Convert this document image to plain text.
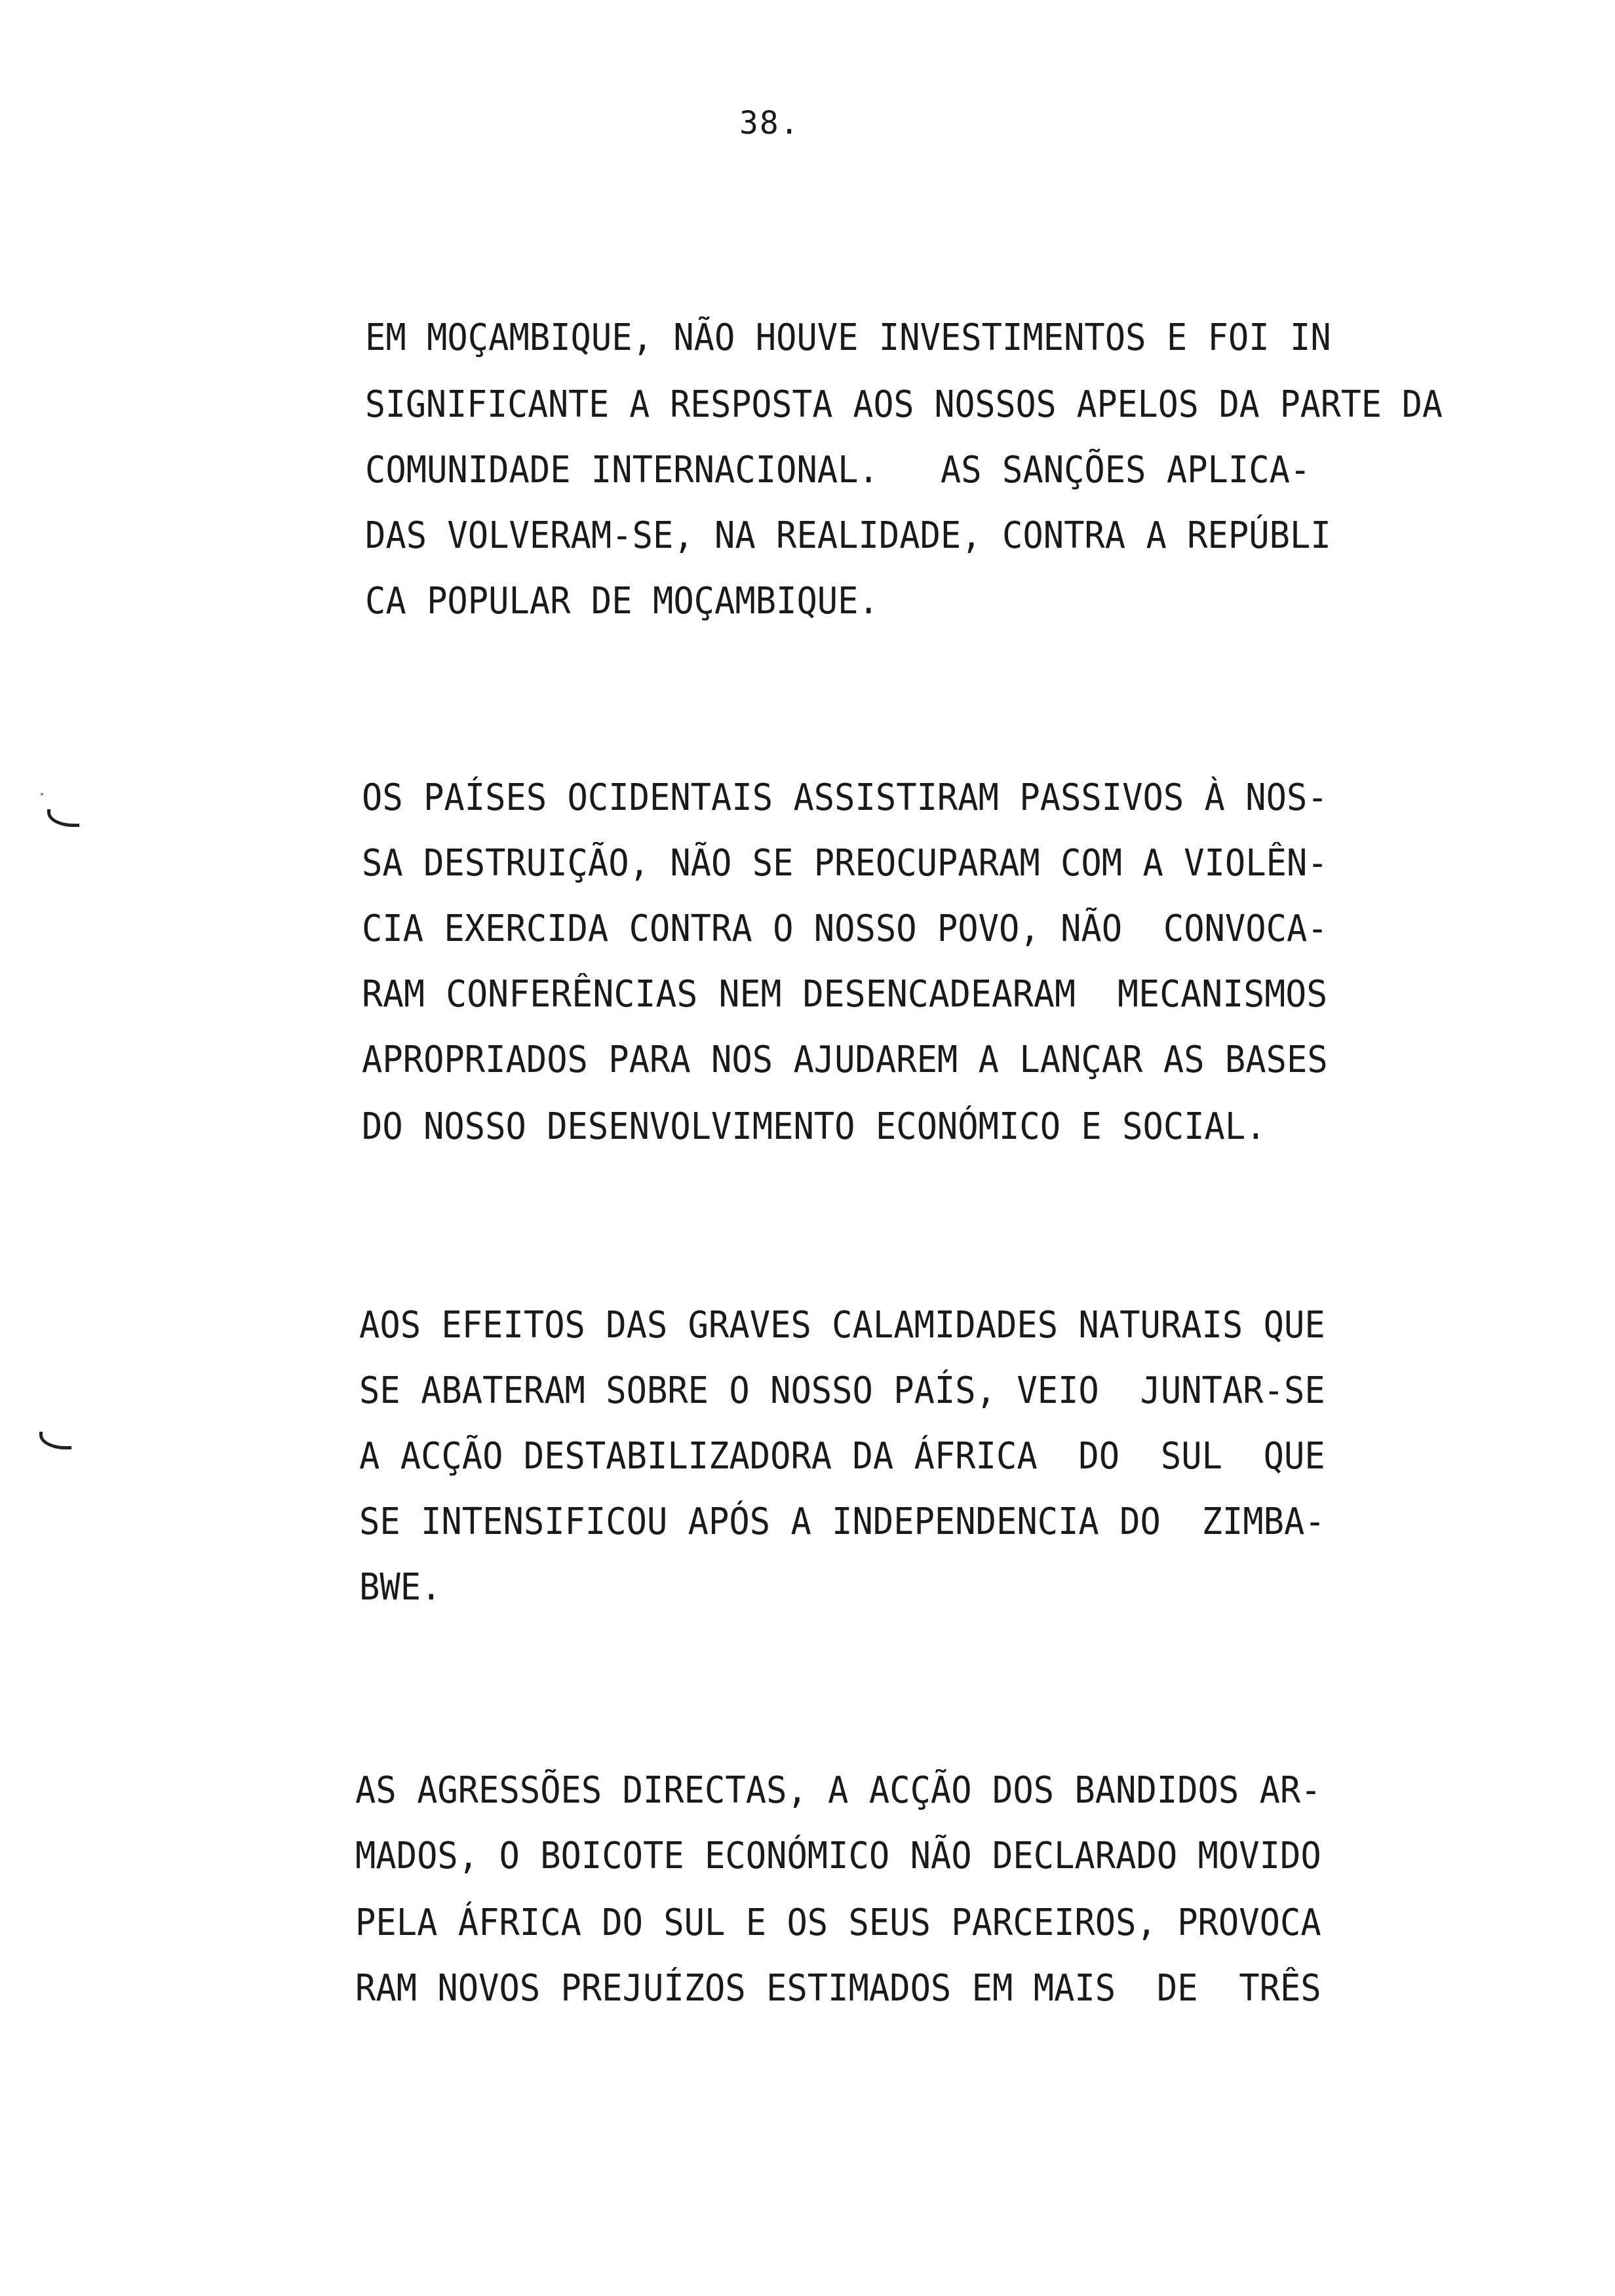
38.
EM MOÇAMBIQUE, NÃO HOUVE INVESTIMENTOS E FOI IN
SIGNIFICANTE A RESPOSTA AOS NOSSOS APELOS DA PARTE DA
COMUNIDADE INTERNACIONAL.   AS SANÇÕES APLICA-
DAS VOLVERAM-SE, NA REALIDADE, CONTRA A REPÚBLI
CA POPULAR DE MOÇAMBIQUE.
OS PAÍSES OCIDENTAIS ASSISTIRAM PASSIVOS À NOS-
SA DESTRUIÇÃO, NÃO SE PREOCUPARAM COM A VIOLÊN-
CIA EXERCIDA CONTRA O NOSSO POVO, NÃO  CONVOCA-
RAM CONFERÊNCIAS NEM DESENCADEARAM  MECANISMOS
APROPRIADOS PARA NOS AJUDAREM A LANÇAR AS BASES
DO NOSSO DESENVOLVIMENTO ECONÓMICO E SOCIAL.
AOS EFEITOS DAS GRAVES CALAMIDADES NATURAIS QUE
SE ABATERAM SOBRE O NOSSO PAÍS, VEIO  JUNTAR-SE
A ACÇÃO DESTABILIZADORA DA ÁFRICA  DO  SUL  QUE
SE INTENSIFICOU APÓS A INDEPENDENCIA DO  ZIMBA-
BWE.
AS AGRESSÕES DIRECTAS, A ACÇÃO DOS BANDIDOS AR-
MADOS, O BOICOTE ECONÓMICO NÃO DECLARADO MOVIDO
PELA ÁFRICA DO SUL E OS SEUS PARCEIROS, PROVOCA
RAM NOVOS PREJUÍZOS ESTIMADOS EM MAIS  DE  TRÊS
